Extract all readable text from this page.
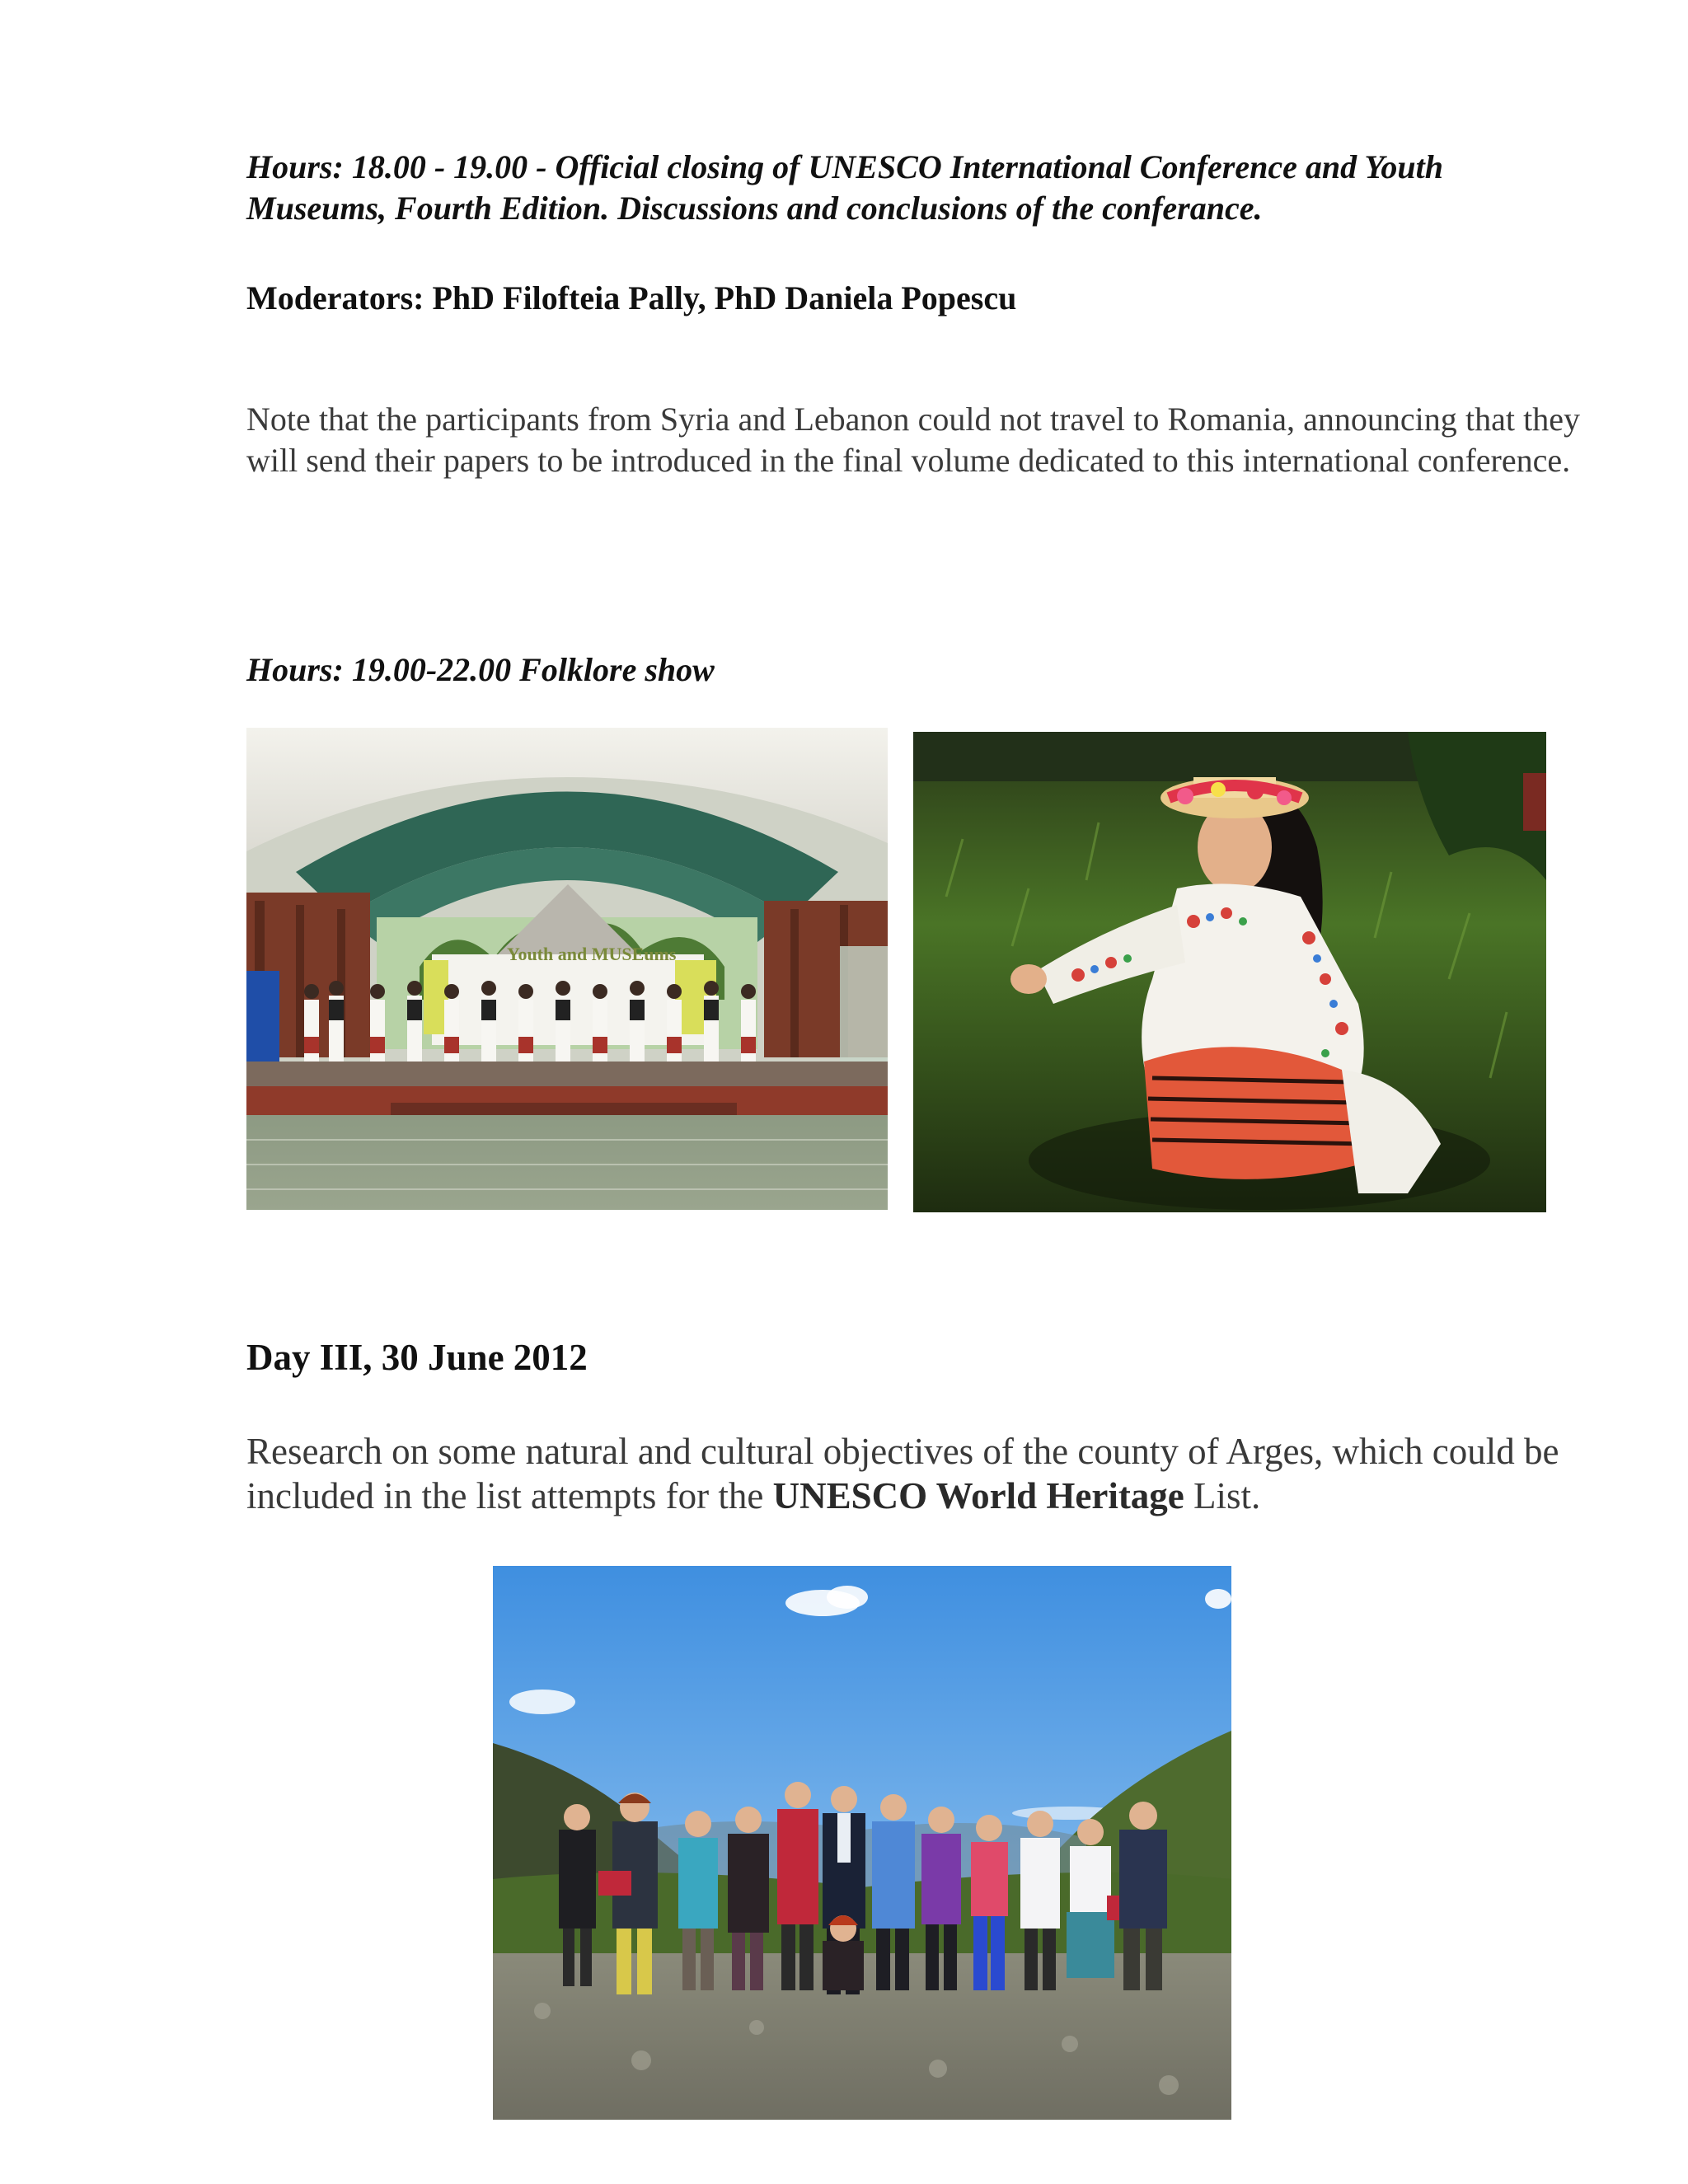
Hours: 18.00 - 19.00 - Official closing of UNESCO International Conference and Youth Museums, Fourth Edition. Discussions and conclusions of the conferance.

Moderators: PhD Filofteia Pally, PhD Daniela Popescu

Note that the participants from Syria and Lebanon could not travel to Romania, announcing that they will send their papers to be introduced in the final volume dedicated to this international conference.

Hours: 19.00-22.00 Folklore show

Youth and MUSEums

Day III, 30 June 2012

Research on some natural and cultural objectives of the county of Arges, which could be included in the list attempts for the UNESCO World Heritage List.
